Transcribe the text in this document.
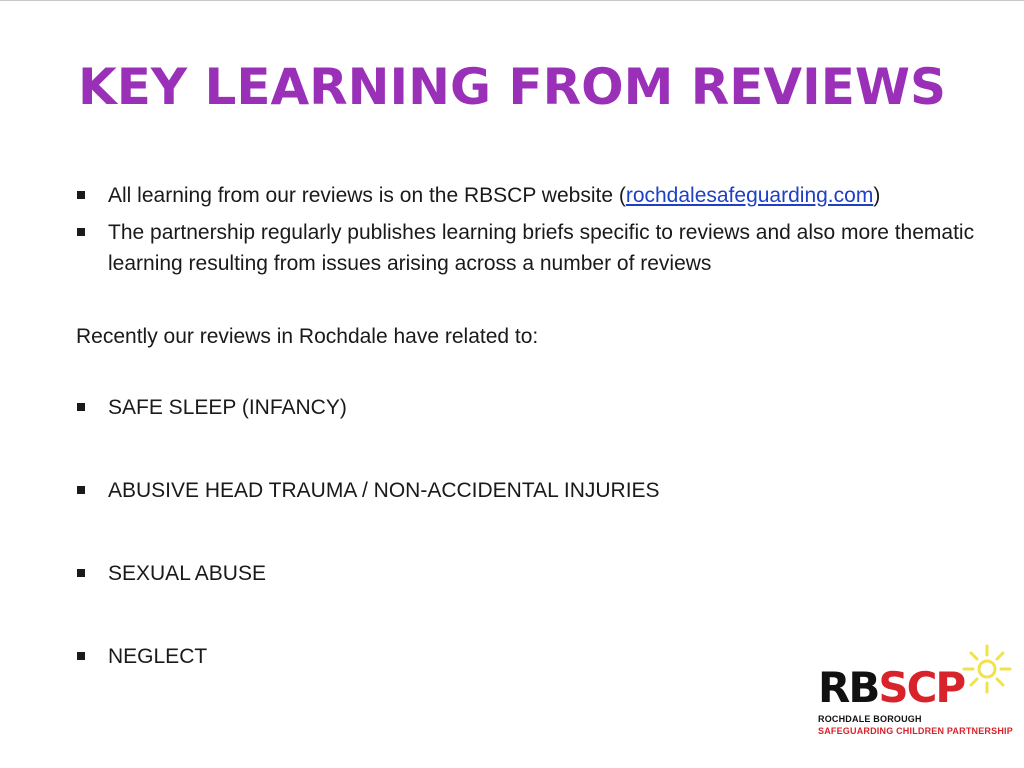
KEY LEARNING FROM REVIEWS
All learning from our reviews is on the RBSCP website (rochdalesafeguarding.com)
The partnership regularly publishes learning briefs specific to reviews and also more thematic learning resulting from issues arising across a number of reviews
Recently our reviews in Rochdale have related to:
SAFE SLEEP (INFANCY)
ABUSIVE HEAD TRAUMA / NON-ACCIDENTAL INJURIES
SEXUAL ABUSE
NEGLECT
RBSCP
ROCHDALE BOROUGH
SAFEGUARDING CHILDREN PARTNERSHIP
